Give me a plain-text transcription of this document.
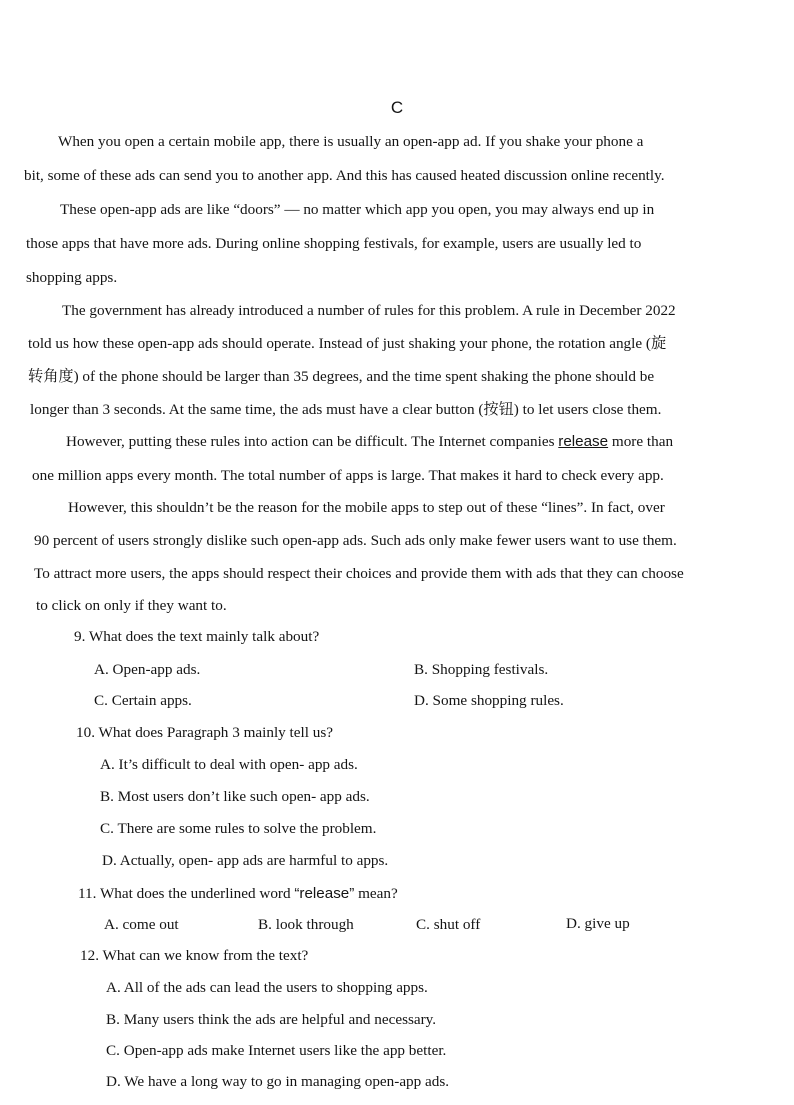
C
When you open a certain mobile app, there is usually an open-app ad. If you shake your phone a
bit, some of these ads can send you to another app. And this has caused heated discussion online recently.
These open-app ads are like “doors” — no matter which app you open, you may always end up in
those apps that have more ads. During online shopping festivals, for example, users are usually led to
shopping apps.
The government has already introduced a number of rules for this problem. A rule in December 2022
told us how these open-app ads should operate. Instead of just shaking your phone, the rotation angle (旋
转角度) of the phone should be larger than 35 degrees, and the time spent shaking the phone should be
longer than 3 seconds. At the same time, the ads must have a clear button (按钮) to let users close them.
However, putting these rules into action can be difficult. The Internet companies release more than
one million apps every month. The total number of apps is large. That makes it hard to check every app.
However, this shouldn’t be the reason for the mobile apps to step out of these “lines”. In fact, over
90 percent of users strongly dislike such open-app ads. Such ads only make fewer users want to use them.
To attract more users, the apps should respect their choices and provide them with ads that they can choose
to click on only if they want to.
9. What does the text mainly talk about?
A. Open-app ads.	B. Shopping festivals.
C. Certain apps.	D. Some shopping rules.
10. What does Paragraph 3 mainly tell us?
A. It’s difficult to deal with open- app ads.
B. Most users don’t like such open- app ads.
C. There are some rules to solve the problem.
D. Actually, open- app ads are harmful to apps.
11. What does the underlined word “release” mean?
A. come out	B. look through	C. shut off	D. give up
12. What can we know from the text?
A. All of the ads can lead the users to shopping apps.
B. Many users think the ads are helpful and necessary.
C. Open-app ads make Internet users like the app better.
D. We have a long way to go in managing open-app ads.
